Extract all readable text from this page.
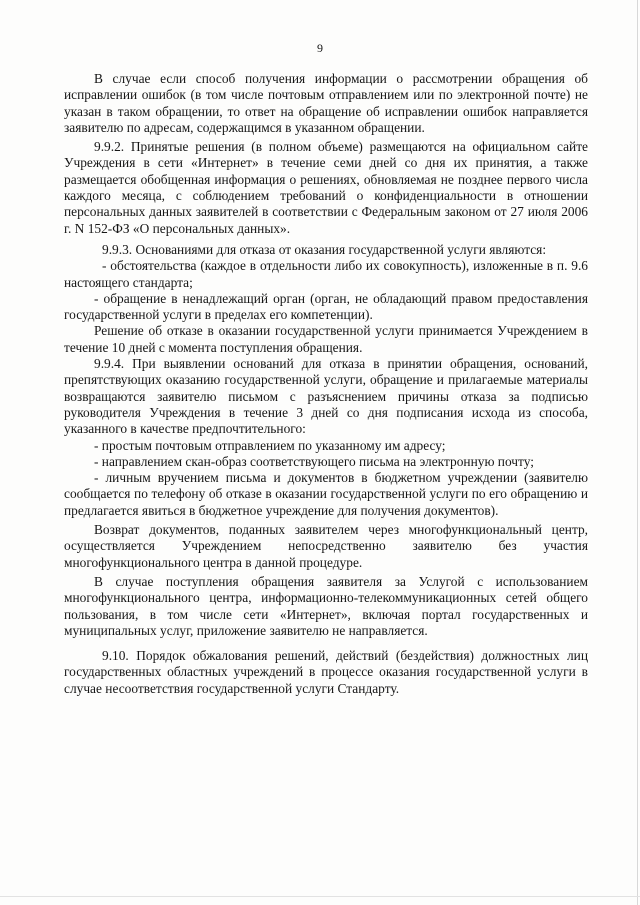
9

В случае если способ получения информации о рассмотрении обращения об исправлении ошибок (в том числе почтовым отправлением или по электронной почте) не указан в таком обращении, то ответ на обращение об исправлении ошибок направляется заявителю по адресам, содержащимся в указанном обращении.

9.9.2. Принятые решения (в полном объеме) размещаются на официальном сайте Учреждения в сети «Интернет» в течение семи дней со дня их принятия, а также размещается обобщенная информация о решениях, обновляемая не позднее первого числа каждого месяца, с соблюдением требований о конфиденциальности в отношении персональных данных заявителей в соответствии с Федеральным законом от 27 июля 2006 г. N 152-ФЗ «О персональных данных».

9.9.3. Основаниями для отказа от оказания государственной услуги являются:

- обстоятельства (каждое в отдельности либо их совокупность), изложенные в п. 9.6 настоящего стандарта;

- обращение в ненадлежащий орган (орган, не обладающий правом предоставления государственной услуги в пределах его компетенции).

Решение об отказе в оказании государственной услуги принимается Учреждением в течение 10 дней с момента поступления обращения.

9.9.4. При выявлении оснований для отказа в принятии обращения, оснований, препятствующих оказанию государственной услуги, обращение и прилагаемые материалы возвращаются заявителю письмом с разъяснением причины отказа за подписью руководителя Учреждения в течение 3 дней со дня подписания исхода из способа, указанного в качестве предпочтительного:

- простым почтовым отправлением по указанному им адресу;

- направлением скан-образ соответствующего письма на электронную почту;

- личным вручением письма и документов в бюджетном учреждении (заявителю сообщается по телефону об отказе в оказании государственной услуги по его обращению и предлагается явиться в бюджетное учреждение для получения документов).

Возврат документов, поданных заявителем через многофункциональный центр, осуществляется Учреждением непосредственно заявителю без участия многофункционального центра в данной процедуре.

В случае поступления обращения заявителя за Услугой с использованием многофункционального центра, информационно-телекоммуникационных сетей общего пользования, в том числе сети «Интернет», включая портал государственных и муниципальных услуг, приложение заявителю не направляется.

9.10. Порядок обжалования решений, действий (бездействия) должностных лиц государственных областных учреждений в процессе оказания государственной услуги в случае несоответствия государственной услуги Стандарту.
